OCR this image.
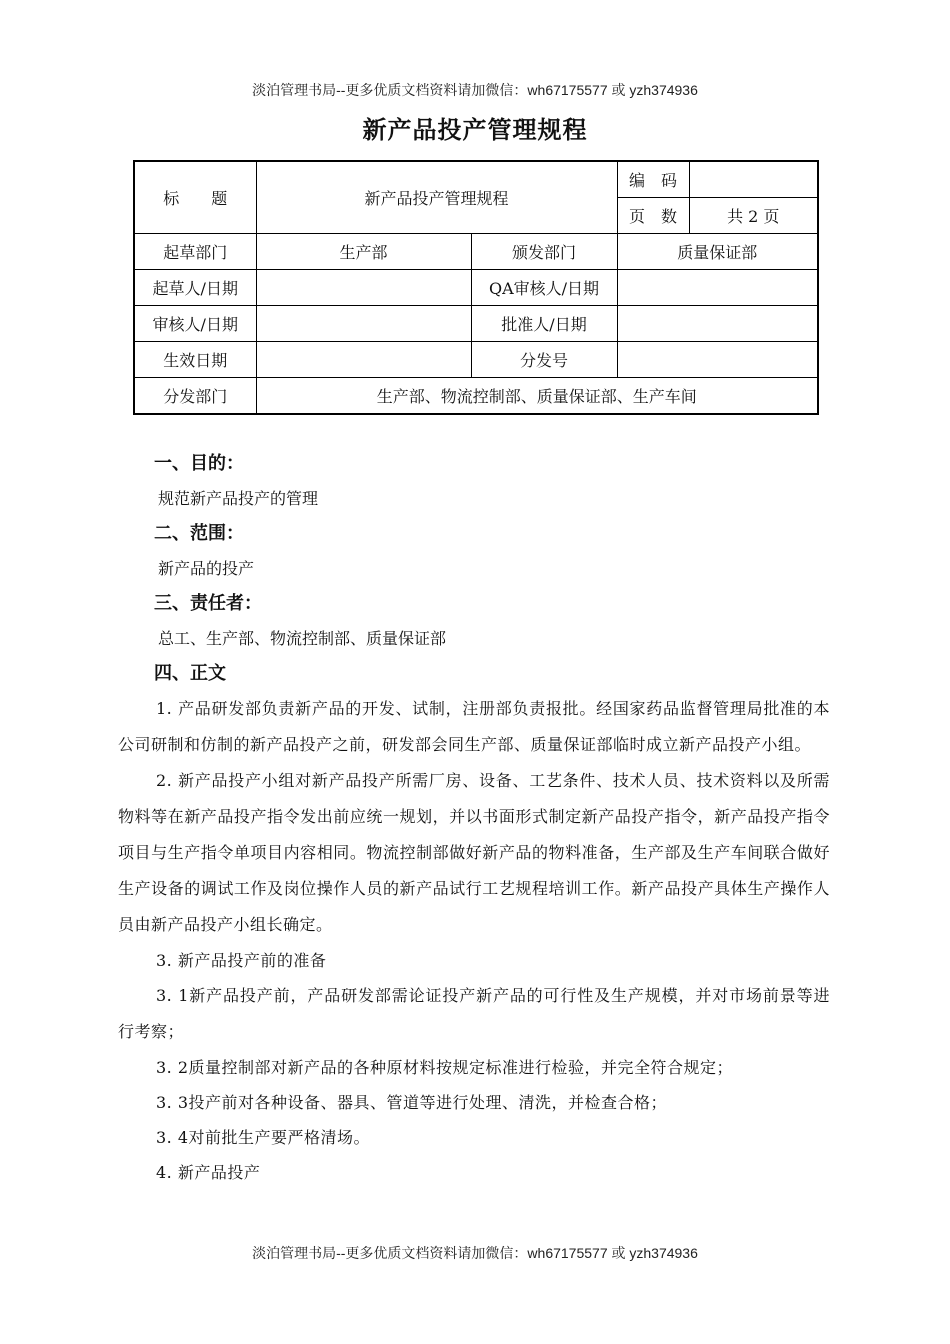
淡泊管理书局--更多优质文档资料请加微信：wh67175577 或 yzh374936
新产品投产管理规程
标　　题	新产品投产管理规程		编　码	
			页　数	共 2 页
起草部门	生产部	颁发部门	质量保证部	
起草人/日期		QA审核人/日期		
审核人/日期		批准人/日期		
生效日期		分发号		
分发部门	生产部、物流控制部、质量保证部、生产车间			
一、目的：
规范新产品投产的管理
二、范围：
新产品的投产
三、责任者：
总工、生产部、物流控制部、质量保证部
四、正文

1. 产品研发部负责新产品的开发、试制，注册部负责报批。经国家药品监督管理局批准的本公司研制和仿制的新产品投产之前，研发部会同生产部、质量保证部临时成立新产品投产小组。

2. 新产品投产小组对新产品投产所需厂房、设备、工艺条件、技术人员、技术资料以及所需物料等在新产品投产指令发出前应统一规划，并以书面形式制定新产品投产指令，新产品投产指令项目与生产指令单项目内容相同。物流控制部做好新产品的物料准备，生产部及生产车间联合做好生产设备的调试工作及岗位操作人员的新产品试行工艺规程培训工作。新产品投产具体生产操作人员由新产品投产小组长确定。

3. 新产品投产前的准备

3. 1新产品投产前，产品研发部需论证投产新产品的可行性及生产规模，并对市场前景等进行考察；

3. 2质量控制部对新产品的各种原材料按规定标准进行检验，并完全符合规定；
3. 3投产前对各种设备、器具、管道等进行处理、清洗，并检查合格；
3. 4对前批生产要严格清场。
4. 新产品投产
淡泊管理书局--更多优质文档资料请加微信：wh67175577 或 yzh374936
